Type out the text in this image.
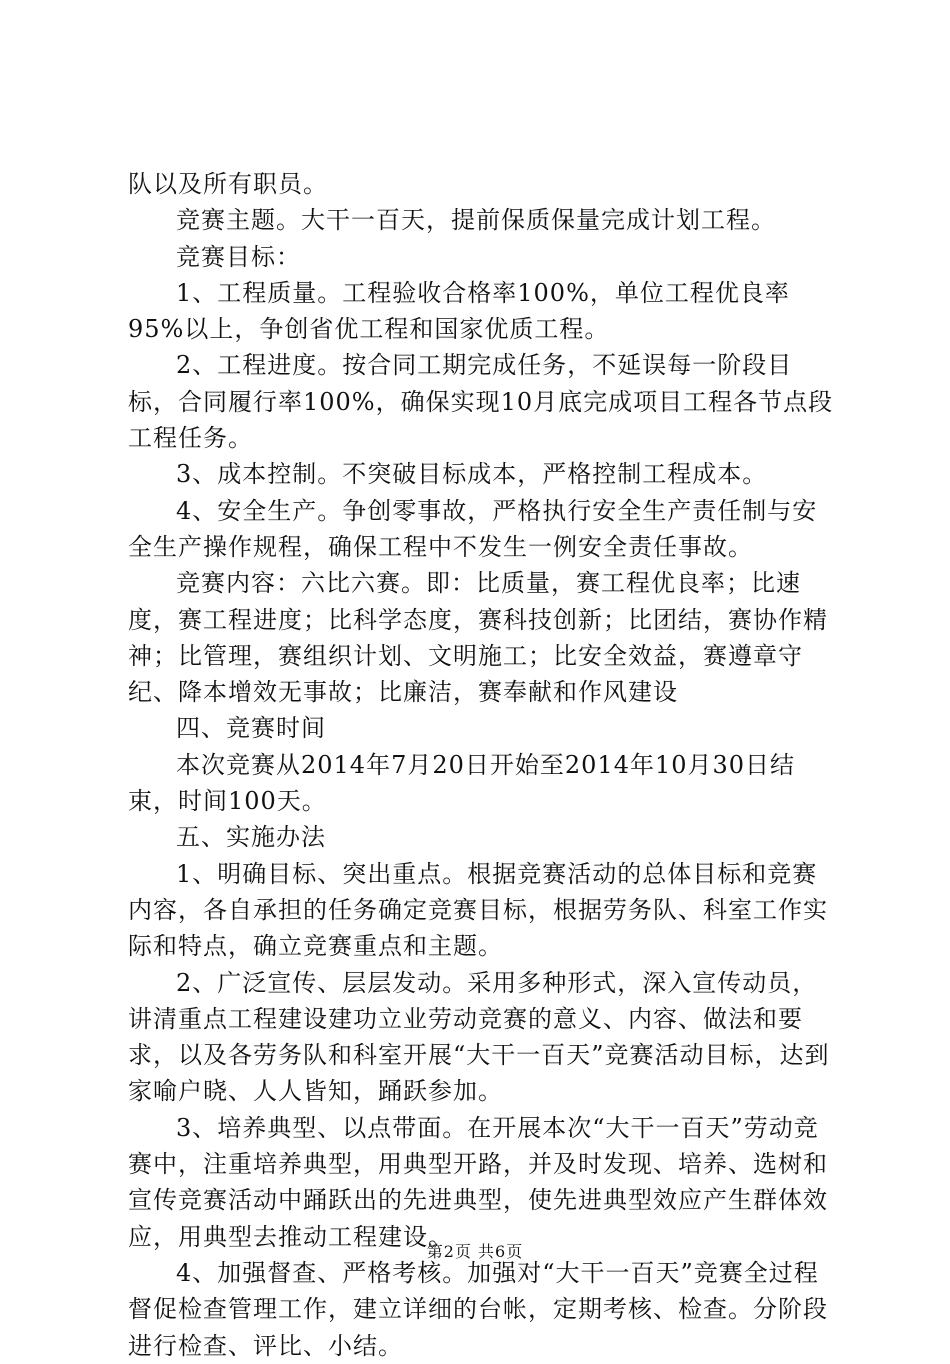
队以及所有职员。

竞赛主题。大干一百天，提前保质保量完成计划工程。

竞赛目标：

1、工程质量。工程验收合格率100%，单位工程优良率95%以上，争创省优工程和国家优质工程。

2、工程进度。按合同工期完成任务，不延误每一阶段目标，合同履行率100%，确保实现10月底完成项目工程各节点段工程任务。

3、成本控制。不突破目标成本，严格控制工程成本。

4、安全生产。争创零事故，严格执行安全生产责任制与安全生产操作规程，确保工程中不发生一例安全责任事故。

竞赛内容：六比六赛。即：比质量，赛工程优良率；比速度，赛工程进度；比科学态度，赛科技创新；比团结，赛协作精神；比管理，赛组织计划、文明施工；比安全效益，赛遵章守纪、降本增效无事故；比廉洁，赛奉献和作风建设

四、竞赛时间

本次竞赛从2014年7月20日开始至2014年10月30日结束，时间100天。

五、实施办法

1、明确目标、突出重点。根据竞赛活动的总体目标和竞赛内容，各自承担的任务确定竞赛目标，根据劳务队、科室工作实际和特点，确立竞赛重点和主题。

2、广泛宣传、层层发动。采用多种形式，深入宣传动员，讲清重点工程建设建功立业劳动竞赛的意义、内容、做法和要求，以及各劳务队和科室开展“大干一百天”竞赛活动目标，达到家喻户晓、人人皆知，踊跃参加。

3、培养典型、以点带面。在开展本次“大干一百天”劳动竞赛中，注重培养典型，用典型开路，并及时发现、培养、选树和宣传竞赛活动中踊跃出的先进典型，使先进典型效应产生群体效应，用典型去推动工程建设。

4、加强督查、严格考核。加强对“大干一百天”竞赛全过程督促检查管理工作，建立详细的台帐，定期考核、检查。分阶段进行检查、评比、小结。

第2页 共6页
